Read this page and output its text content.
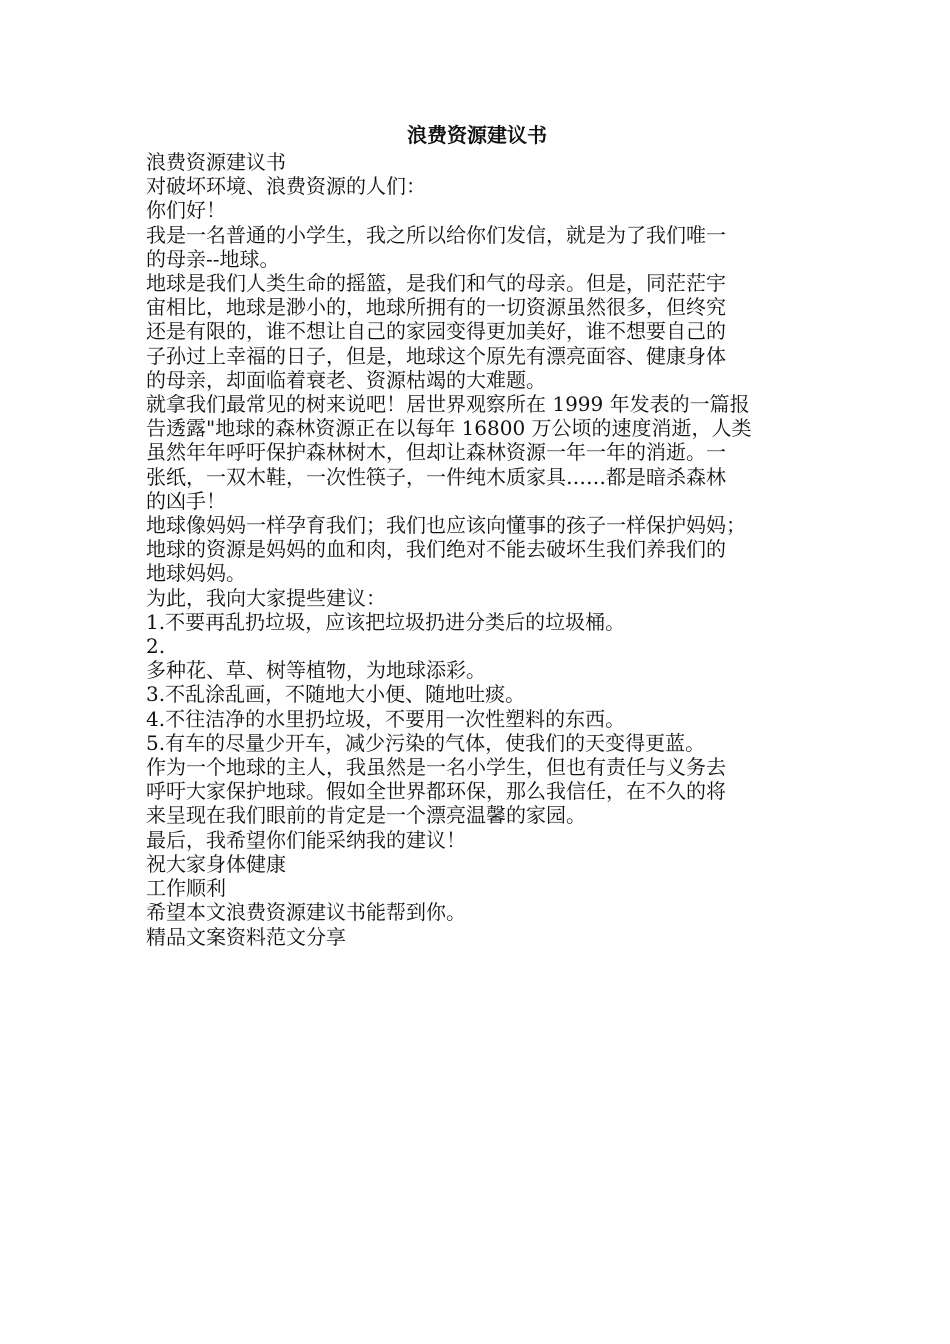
浪费资源建议书

浪费资源建议书

对破坏环境、浪费资源的人们：

你们好！

我是一名普通的小学生，我之所以给你们发信，就是为了我们唯一

的母亲--地球。

地球是我们人类生命的摇篮，是我们和气的母亲。但是，同茫茫宇

宙相比，地球是渺小的，地球所拥有的一切资源虽然很多，但终究

还是有限的，谁不想让自己的家园变得更加美好，谁不想要自己的

子孙过上幸福的日子，但是，地球这个原先有漂亮面容、健康身体

的母亲，却面临着衰老、资源枯竭的大难题。

就拿我们最常见的树来说吧！居世界观察所在 1999 年发表的一篇报

告透露"地球的森林资源正在以每年 16800 万公顷的速度消逝，人类

虽然年年呼吁保护森林树木，但却让森林资源一年一年的消逝。一

张纸，一双木鞋，一次性筷子，一件纯木质家具……都是暗杀森林

的凶手！

地球像妈妈一样孕育我们；我们也应该向懂事的孩子一样保护妈妈；

地球的资源是妈妈的血和肉，我们绝对不能去破坏生我们养我们的

地球妈妈。

为此，我向大家提些建议：

1.不要再乱扔垃圾，应该把垃圾扔进分类后的垃圾桶。

2.

多种花、草、树等植物，为地球添彩。

3.不乱涂乱画，不随地大小便、随地吐痰。

4.不往洁净的水里扔垃圾，不要用一次性塑料的东西。

5.有车的尽量少开车，减少污染的气体，使我们的天变得更蓝。

作为一个地球的主人，我虽然是一名小学生，但也有责任与义务去

呼吁大家保护地球。假如全世界都环保，那么我信任，在不久的将

来呈现在我们眼前的肯定是一个漂亮温馨的家园。

最后，我希望你们能采纳我的建议！

祝大家身体健康

工作顺利

希望本文浪费资源建议书能帮到你。

精品文案资料范文分享
